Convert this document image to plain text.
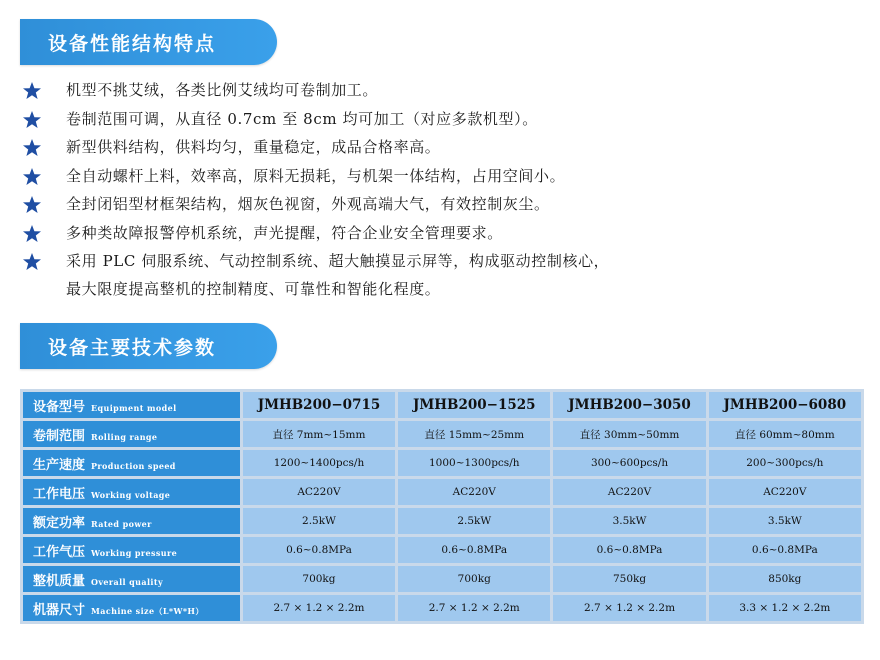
设备性能结构特点
机型不挑艾绒，各类比例艾绒均可卷制加工。
卷制范围可调，从直径 0.7cm 至 8cm 均可加工（对应多款机型）。
新型供料结构，供料均匀，重量稳定，成品合格率高。
全自动螺杆上料，效率高，原料无损耗，与机架一体结构，占用空间小。
全封闭铝型材框架结构，烟灰色视窗，外观高端大气，有效控制灰尘。
多种类故障报警停机系统，声光提醒，符合企业安全管理要求。
采用 PLC 伺服系统、气动控制系统、超大触摸显示屏等，构成驱动控制核心，
最大限度提高整机的控制精度、可靠性和智能化程度。
设备主要技术参数
设备型号 Equipment model	JMHB200−0715	JMHB200−1525	JMHB200−3050	JMHB200−6080
卷制范围 Rolling range	直径 7mm~15mm	直径 15mm~25mm	直径 30mm~50mm	直径 60mm~80mm
生产速度 Production speed	1200~1400pcs/h	1000~1300pcs/h	300~600pcs/h	200~300pcs/h
工作电压 Working voltage	AC220V	AC220V	AC220V	AC220V
额定功率 Rated power	2.5kW	2.5kW	3.5kW	3.5kW
工作气压 Working pressure	0.6~0.8MPa	0.6~0.8MPa	0.6~0.8MPa	0.6~0.8MPa
整机质量 Overall quality	700kg	700kg	750kg	850kg
机器尺寸 Machine size（L*W*H）	2.7 × 1.2 × 2.2m	2.7 × 1.2 × 2.2m	2.7 × 1.2 × 2.2m	3.3 × 1.2 × 2.2m
